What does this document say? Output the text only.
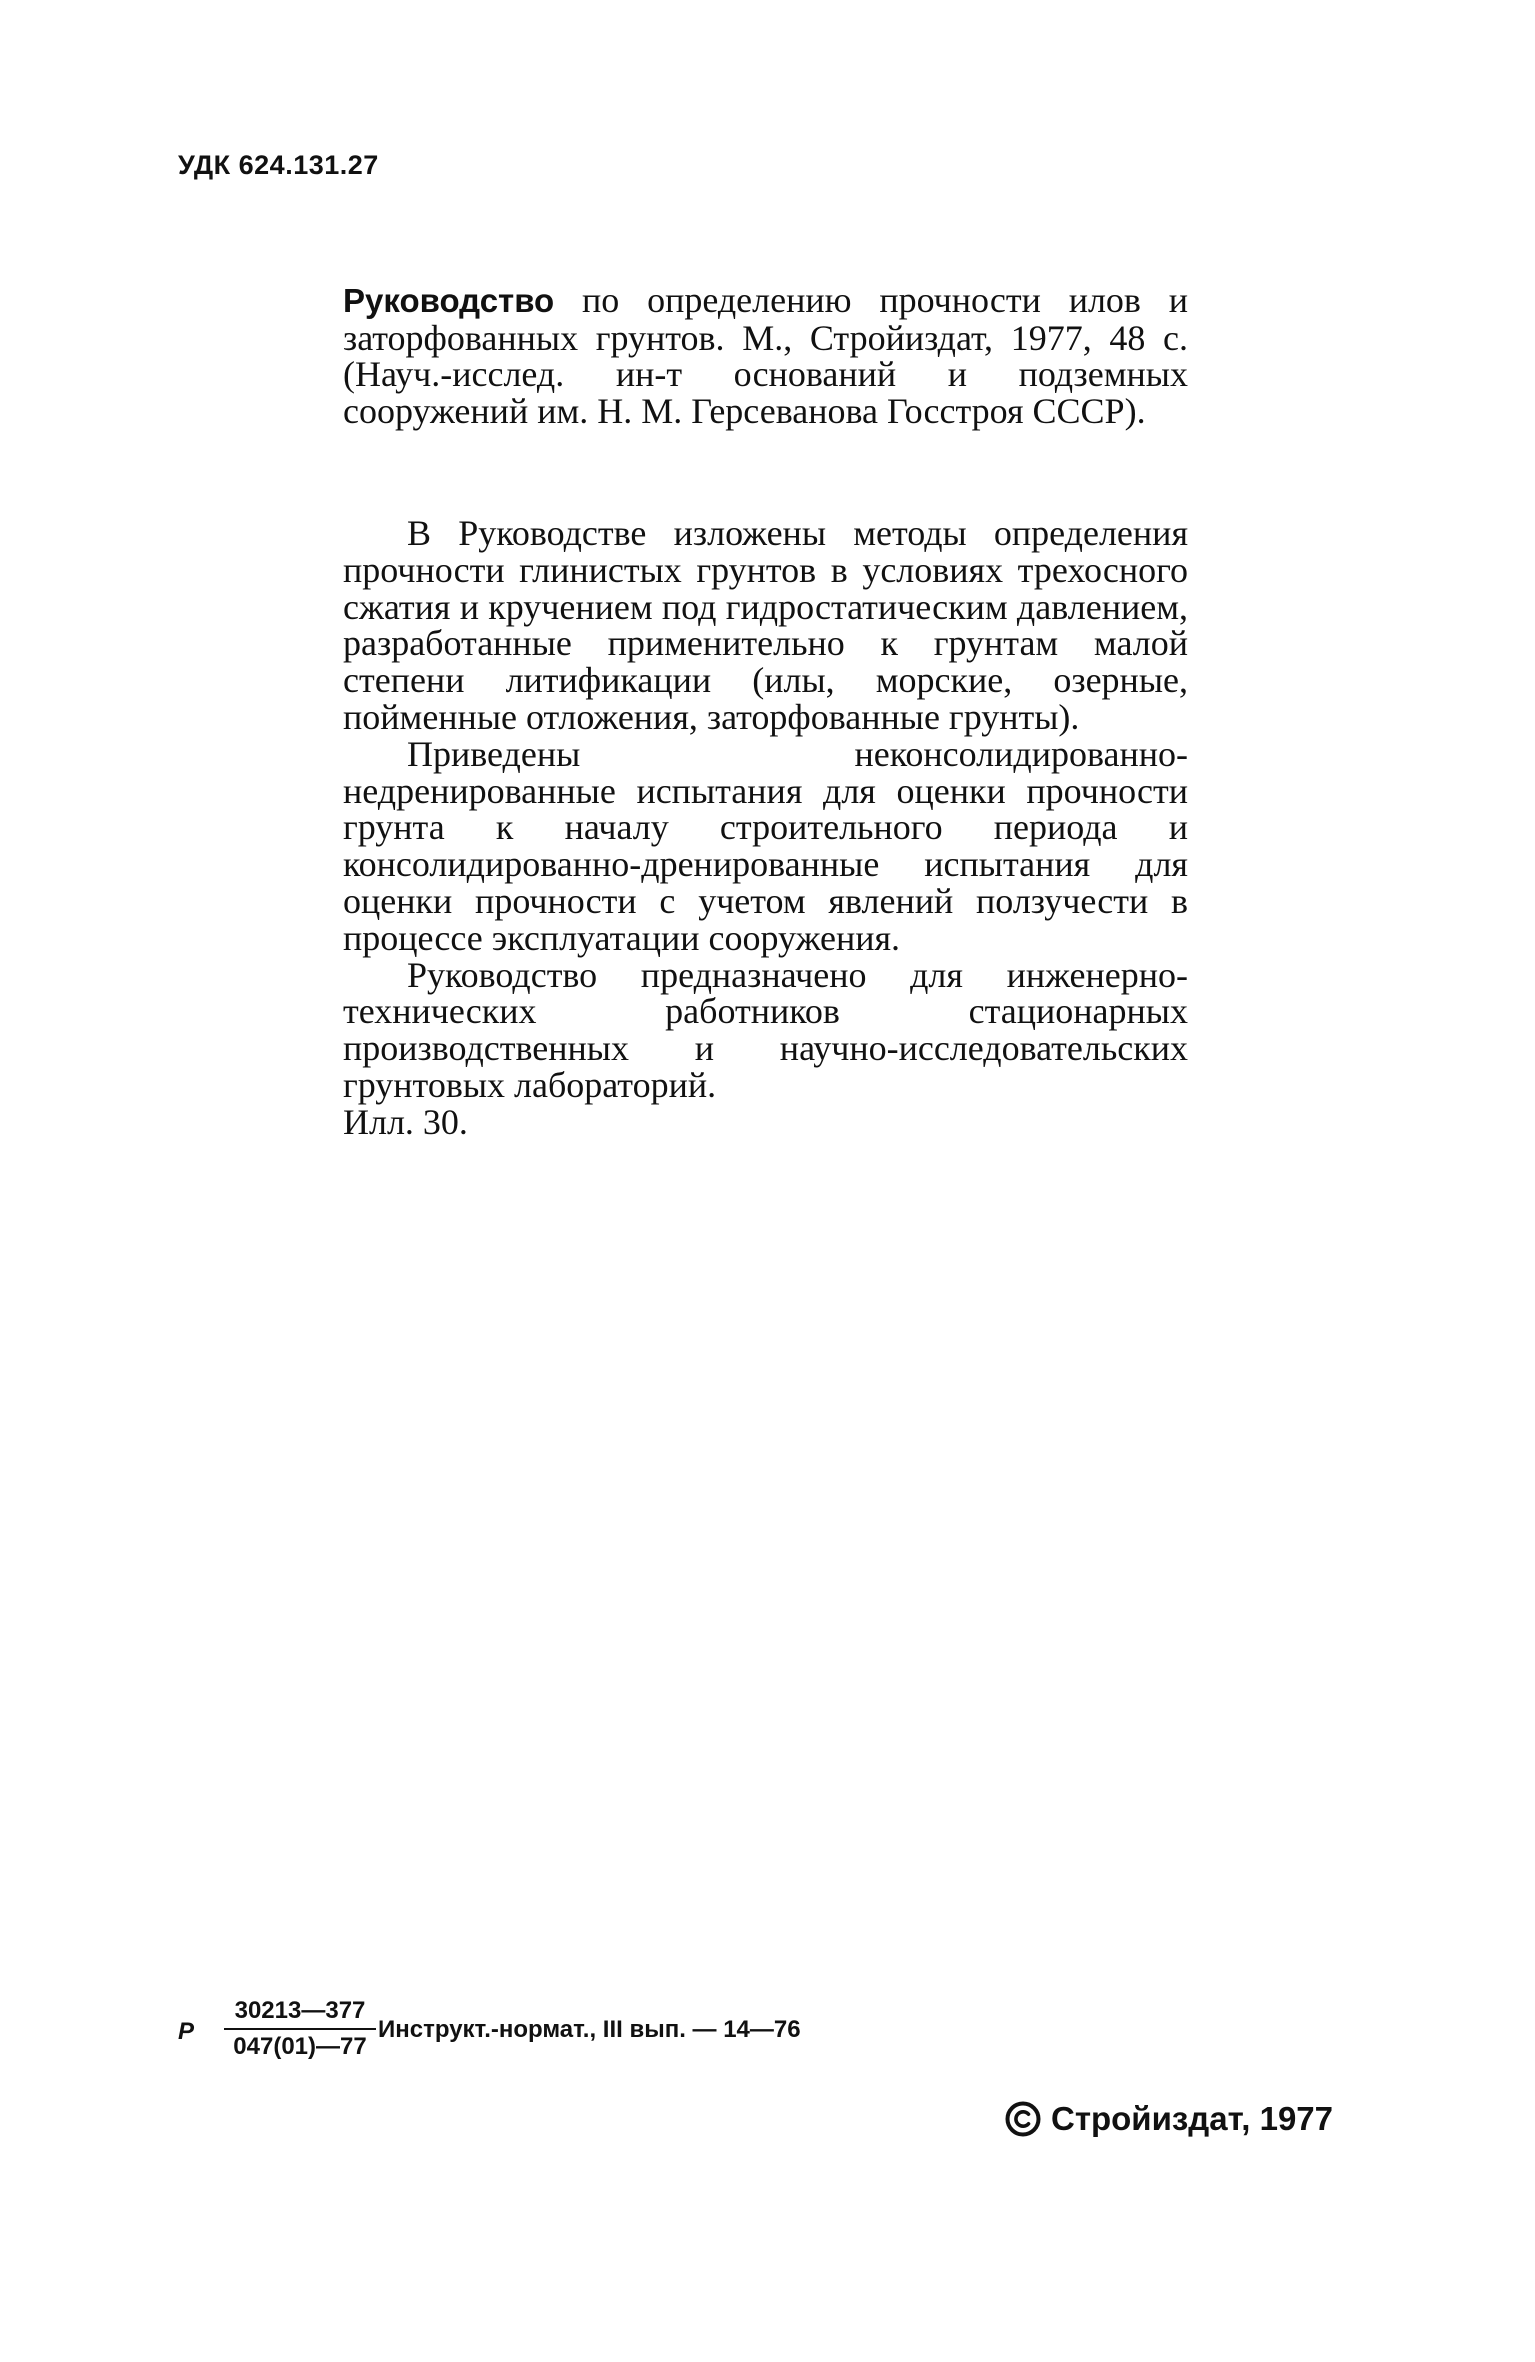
УДК 624.131.27
Руководство по определению прочности илов и заторфованных грунтов. М., Стройиздат, 1977, 48 с. (Науч.-исслед. ин-т оснований и подземных сооружений им. Н. М. Герсеванова Госстроя СССР).

В Руководстве изложены методы определения прочности глинистых грунтов в условиях трехосного сжатия и кручением под гидростатическим давлением, разработанные применительно к грунтам малой степени литификации (илы, морские, озерные, пойменные отложения, заторфованные грунты).

Приведены неконсолидированно-недренированные испытания для оценки прочности грунта к началу строительного периода и консолидированно-дренированные испытания для оценки прочности с учетом явлений ползучести в процессе эксплуатации сооружения.

Руководство предназначено для инженерно-технических работников стационарных производственных и научно-исследовательских грунтовых лабораторий.

Илл. 30.

Р
30213—377
047(01)—77
Инструкт.-нормат., III вып. — 14—76
Стройиздат, 1977
